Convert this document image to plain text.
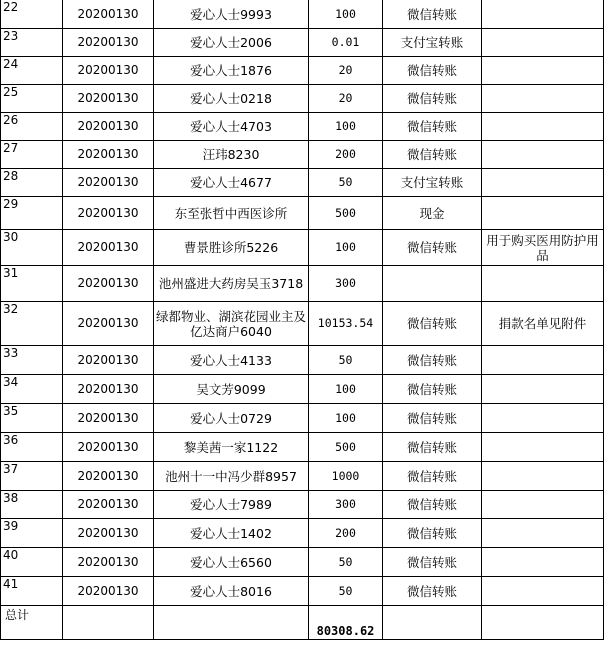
22	20200130	爱心人士9993	100	微信转账	
23	20200130	爱心人士2006	0.01	支付宝转账	
24	20200130	爱心人士1876	20	微信转账	
25	20200130	爱心人士0218	20	微信转账	
26	20200130	爱心人士4703	100	微信转账	
27	20200130	汪玮8230	200	微信转账	
28	20200130	爱心人士4677	50	支付宝转账	
29	20200130	东至张哲中西医诊所	500	现金	
30	20200130	曹景胜诊所5226	100	微信转账	用于购买医用防护用品
31	20200130	池州盛进大药房吴玉3718	300		
32	20200130	绿都物业、湖滨花园业主及亿达商户6040	10153.54	微信转账	捐款名单见附件
33	20200130	爱心人士4133	50	微信转账	
34	20200130	吴文芳9099	100	微信转账	
35	20200130	爱心人士0729	100	微信转账	
36	20200130	黎美茜一家1122	500	微信转账	
37	20200130	池州十一中冯少群8957	1000	微信转账	
38	20200130	爱心人士7989	300	微信转账	
39	20200130	爱心人士1402	200	微信转账	
40	20200130	爱心人士6560	50	微信转账	
41	20200130	爱心人士8016	50	微信转账	
总计			80308.62		
